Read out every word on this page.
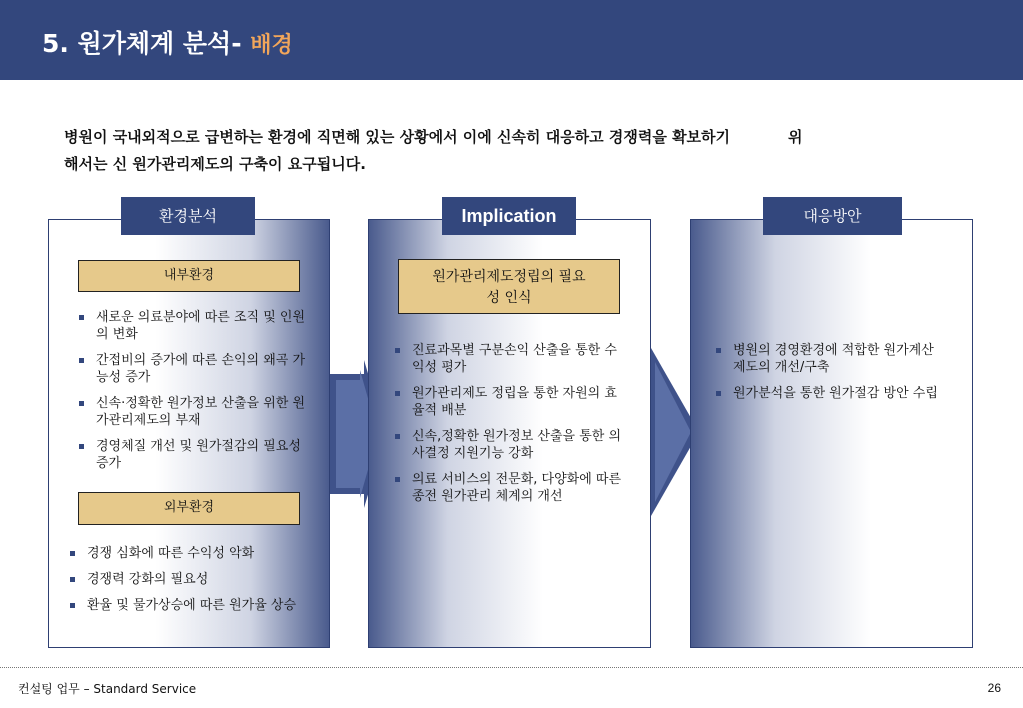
5. 원가체계 분석- 배경
병원이 국내외적으로 급변하는 환경에 직면해 있는 상황에서 이에 신속히 대응하고 경쟁력을 확보하기	위
해서는 신 원가관리제도의 구축이 요구됩니다.
환경분석
내부환경
새로운 의료분야에 따른 조직 및 인원의 변화
간접비의 증가에 따른 손익의 왜곡 가능성 증가
신속·정확한 원가정보 산출을 위한 원가관리제도의 부재
경영체질 개선 및 원가절감의 필요성 증가
외부환경
경쟁 심화에 따른 수익성 악화
경쟁력 강화의 필요성
환율 및 물가상승에 따른 원가율 상승
Implication
원가관리제도정립의 필요성 인식
진료과목별 구분손익 산출을 통한 수익성 평가
원가관리제도 정립을 통한 자원의 효율적 배분
신속,정확한 원가정보 산출을 통한 의사결정 지원기능 강화
의료 서비스의 전문화, 다양화에 따른 종전 원가관리 체계의 개선
대응방안
병원의 경영환경에 적합한 원가계산제도의 개선/구축
원가분석을 통한 원가절감 방안 수립
컨설팅 업무 – Standard Service	26
